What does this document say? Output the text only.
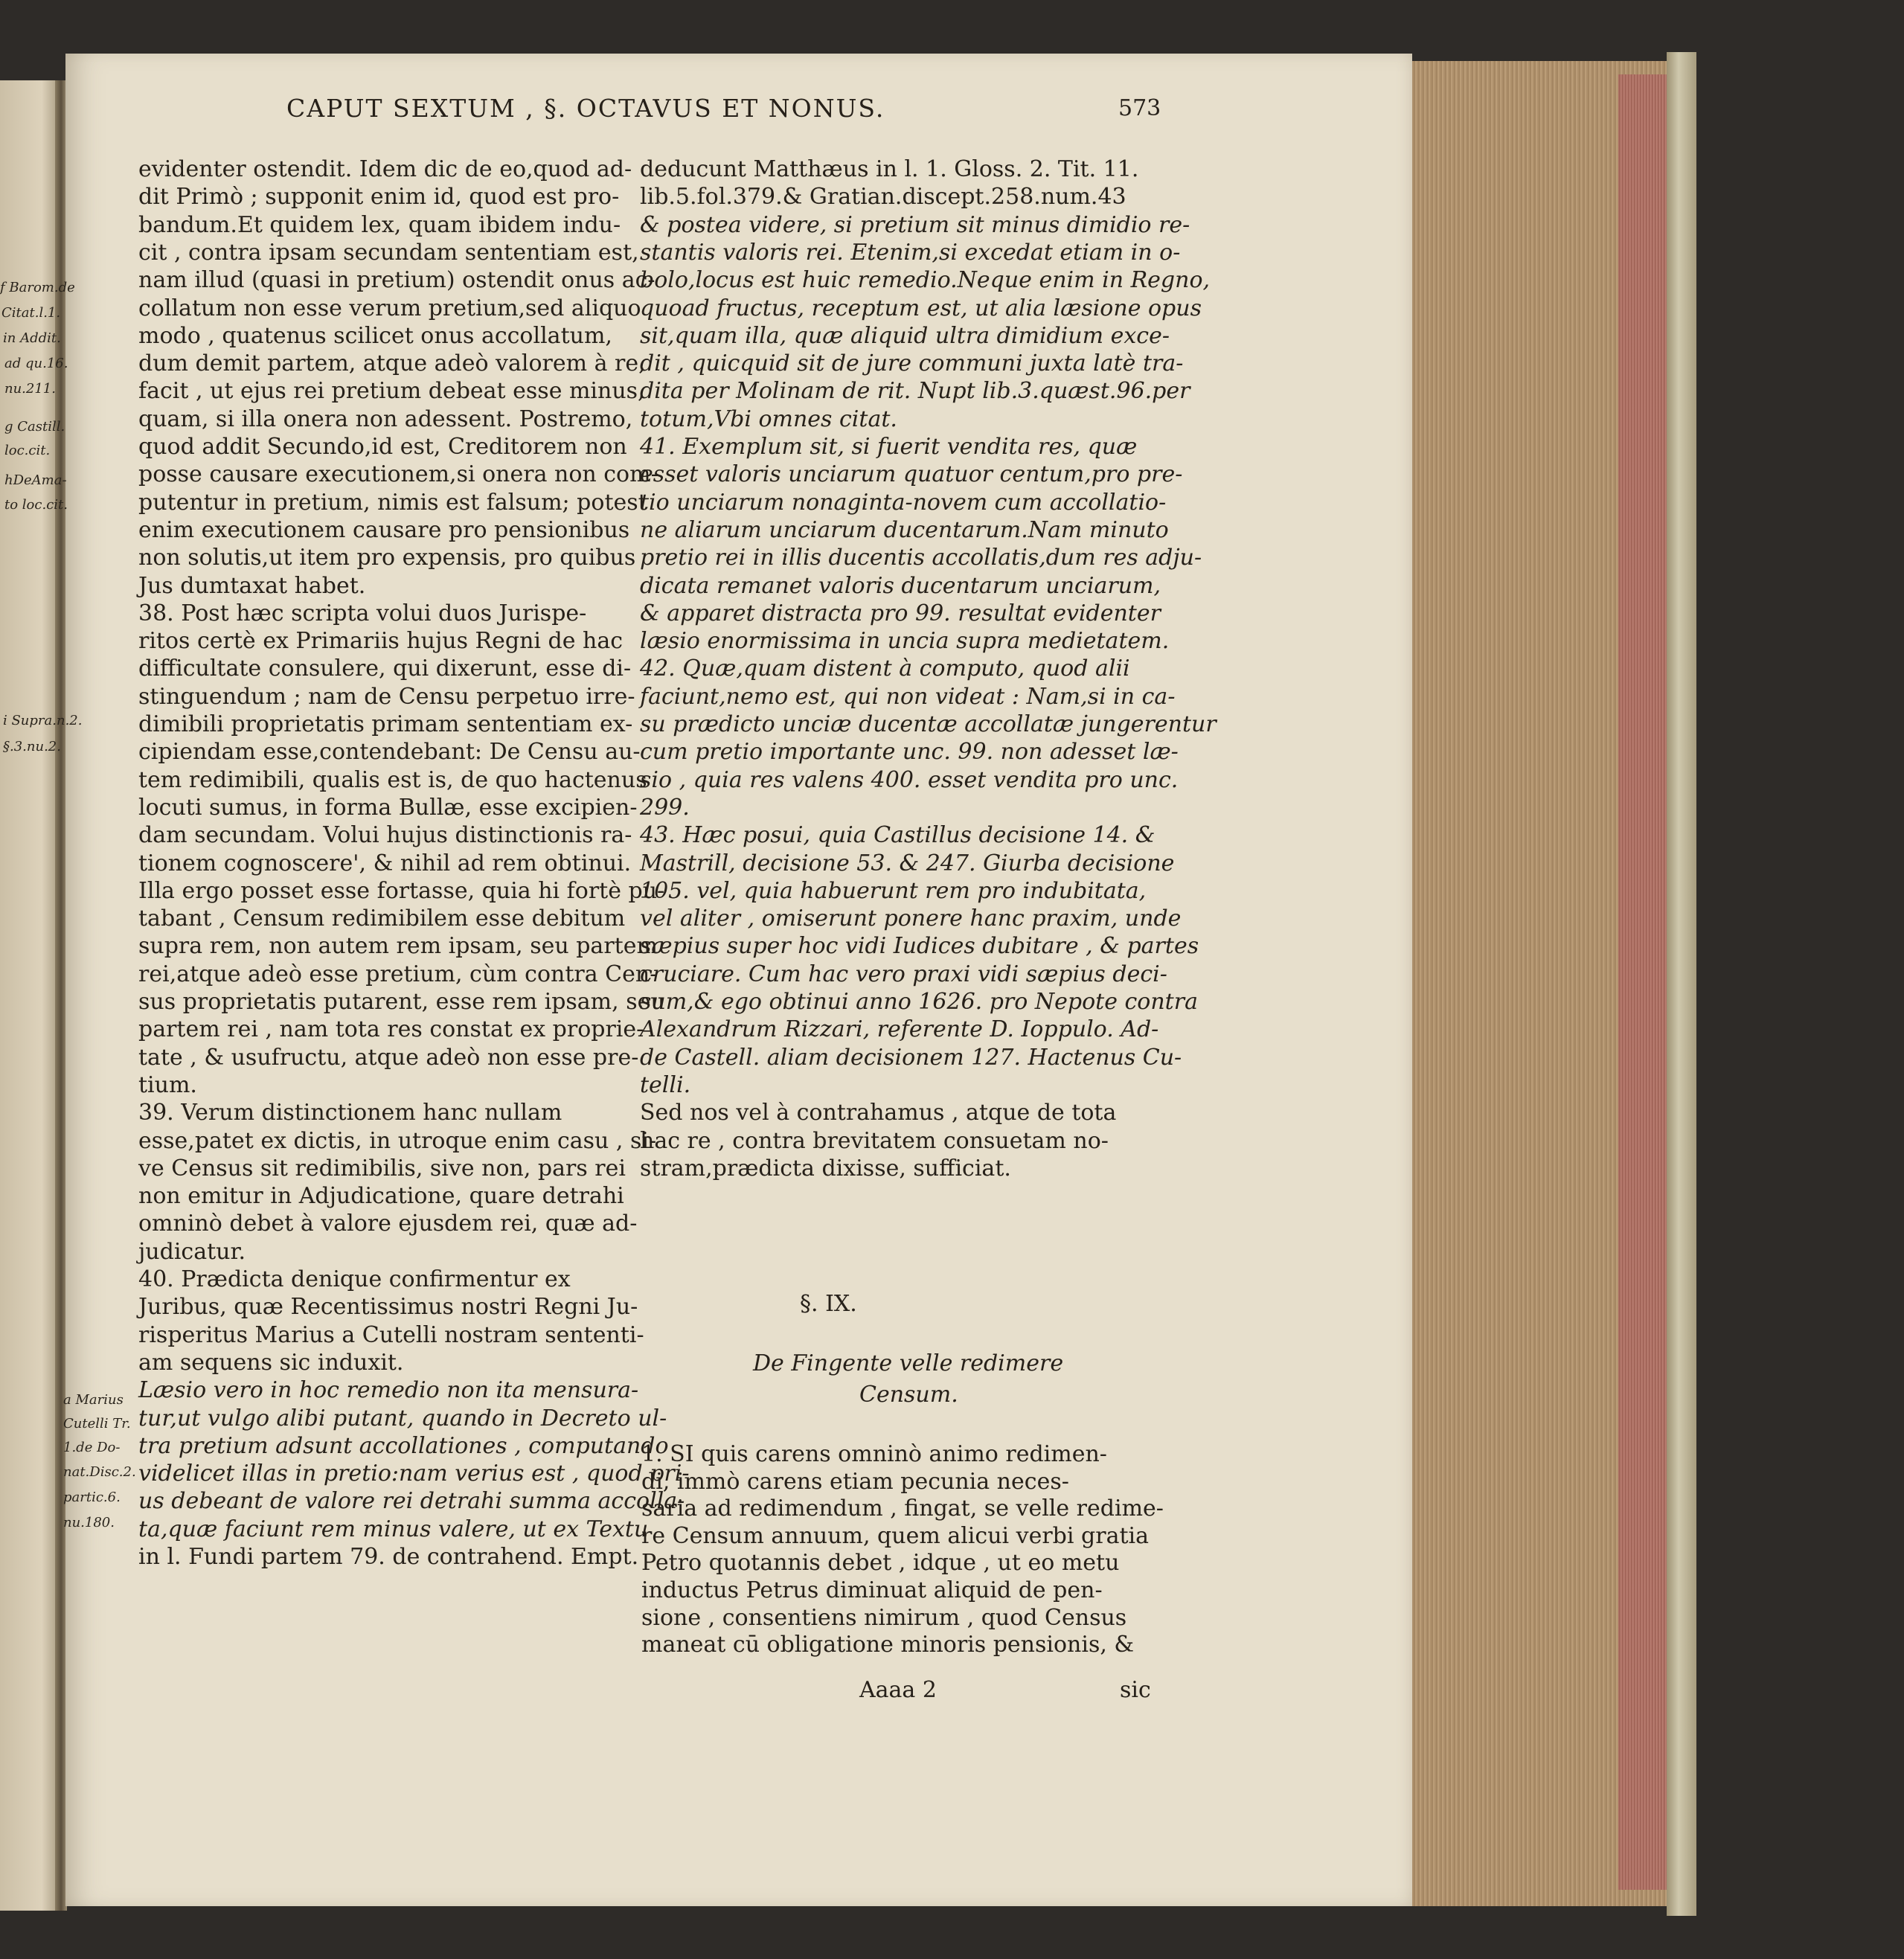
CAPUT SEXTUM , §. OCTAVUS ET NONUS.	573
f Barom.de
Citat.l.1.
in Addit.
ad qu.16.
nu.211.
g Castill.
loc.cit.
hDeAma-
to loc.cit.
i Supra.n.2.
§.3.nu.2.
a Marius
Cutelli Tr.
1.de Do-
nat.Disc.2.
partic.6.
nu.180.
evidenter ostendit. Idem dic de eo,quod ad-
dit Primò ; supponit enim id, quod est pro-
bandum.Et quidem lex, quam ibidem indu-
cit , contra ipsam secundam sententiam est,
nam illud (quasi in pretium) ostendit onus ac-
collatum non esse verum pretium,sed aliquo
modo , quatenus scilicet onus accollatum,
dum demit partem, atque adeò valorem à re,
facit , ut ejus rei pretium debeat esse minus,
quam, si illa onera non adessent. Postremo,
quod addit Secundo,id est, Creditorem non
posse causare executionem,si onera non com-
putentur in pretium, nimis est falsum; potest
enim executionem causare pro pensionibus
non solutis,ut item pro expensis, pro quibus
Jus dumtaxat habet.
38. Post hæc scripta volui duos Jurispe-
ritos certè ex Primariis hujus Regni de hac
difficultate consulere, qui dixerunt, esse di-
stinguendum ; nam de Censu perpetuo irre-
dimibili proprietatis primam sententiam ex-
cipiendam esse,contendebant: De Censu au-
tem redimibili, qualis est is, de quo hactenus
locuti sumus, in forma Bullæ, esse excipien-
dam secundam. Volui hujus distinctionis ra-
tionem cognoscere', & nihil ad rem obtinui.
Illa ergo posset esse fortasse, quia hi fortè pu-
tabant , Censum redimibilem esse debitum
supra rem, non autem rem ipsam, seu partem
rei,atque adeò esse pretium, cùm contra Cen-
sus proprietatis putarent, esse rem ipsam, seu
partem rei , nam tota res constat ex proprie-
tate , & usufructu, atque adeò non esse pre-
tium.
39. Verum distinctionem hanc nullam
esse,patet ex dictis, in utroque enim casu , si-
ve Census sit redimibilis, sive non, pars rei
non emitur in Adjudicatione, quare detrahi
omninò debet à valore ejusdem rei, quæ ad-
judicatur.
40. Prædicta denique confirmentur ex
Juribus, quæ Recentissimus nostri Regni Ju-
risperitus Marius a Cutelli nostram sententi-
am sequens sic induxit.
Læsio vero in hoc remedio non ita mensura-
tur,ut vulgo alibi putant, quando in Decreto ul-
tra pretium adsunt accollationes , computando
videlicet illas in pretio:nam verius est , quod pri-
us debeant de valore rei detrahi summa accolla-
ta,quæ faciunt rem minus valere, ut ex Textu
in l. Fundi partem 79. de contrahend. Empt.
deducunt Matthæus in l. 1. Gloss. 2. Tit. 11.
lib.5.fol.379.& Gratian.discept.258.num.43
& postea videre, si pretium sit minus dimidio re-
stantis valoris rei. Etenim,si excedat etiam in o-
bolo,locus est huic remedio.Neque enim in Regno,
quoad fructus, receptum est, ut alia læsione opus
sit,quam illa, quæ aliquid ultra dimidium exce-
dit , quicquid sit de jure communi juxta latè tra-
dita per Molinam de rit. Nupt lib.3.quæst.96.per
totum,Vbi omnes citat.
41. Exemplum sit, si fuerit vendita res, quæ
esset valoris unciarum quatuor centum,pro pre-
tio unciarum nonaginta-novem cum accollatio-
ne aliarum unciarum ducentarum.Nam minuto
pretio rei in illis ducentis accollatis,dum res adju-
dicata remanet valoris ducentarum unciarum,
& apparet distracta pro 99. resultat evidenter
læsio enormissima in uncia supra medietatem.
42. Quæ,quam distent à computo, quod alii
faciunt,nemo est, qui non videat : Nam,si in ca-
su prædicto unciæ ducentæ accollatæ jungerentur
cum pretio importante unc. 99. non adesset læ-
sio , quia res valens 400. esset vendita pro unc.
299.
43. Hæc posui, quia Castillus decisione 14. &
Mastrill, decisione 53. & 247. Giurba decisione
105. vel, quia habuerunt rem pro indubitata,
vel aliter , omiserunt ponere hanc praxim, unde
sæpius super hoc vidi Iudices dubitare , & partes
cruciare. Cum hac vero praxi vidi sæpius deci-
sum,& ego obtinui anno 1626. pro Nepote contra
Alexandrum Rizzari, referente D. Ioppulo. Ad-
de Castell. aliam decisionem 127. Hactenus Cu-
telli.
Sed nos vel à contrahamus , atque de tota
hac re , contra brevitatem consuetam no-
stram,prædicta dixisse, sufficiat.
§. IX.
De Fingente velle redimere
Censum.
1. SI quis carens omninò animo redimen-
di, immò carens etiam pecunia neces-
saria ad redimendum , fingat, se velle redime-
re Censum annuum, quem alicui verbi gratia
Petro quotannis debet , idque , ut eo metu
inductus Petrus diminuat aliquid de pen-
sione , consentiens nimirum , quod Census
maneat cū obligatione minoris pensionis, &
Aaaa 2	sic
